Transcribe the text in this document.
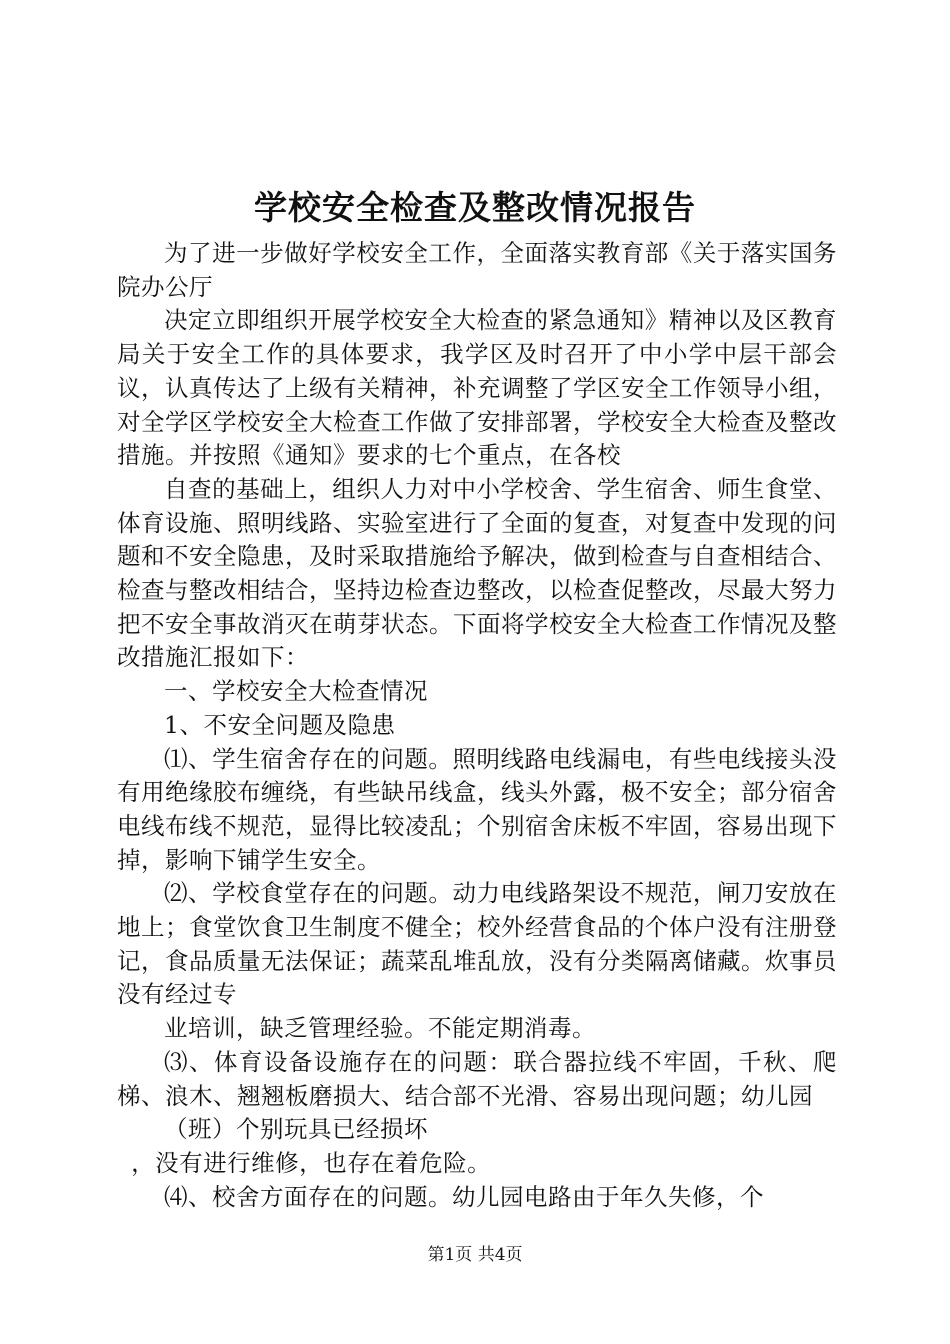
学校安全检查及整改情况报告

为了进一步做好学校安全工作，全面落实教育部《关于落实国务院办公厅

决定立即组织开展学校安全大检查的紧急通知》精神以及区教育局关于安全工作的具体要求，我学区及时召开了中小学中层干部会议，认真传达了上级有关精神，补充调整了学区安全工作领导小组，对全学区学校安全大检查工作做了安排部署，学校安全大检查及整改措施。并按照《通知》要求的七个重点，在各校

自查的基础上，组织人力对中小学校舍、学生宿舍、师生食堂、体育设施、照明线路、实验室进行了全面的复查，对复查中发现的问题和不安全隐患，及时采取措施给予解决，做到检查与自查相结合、检查与整改相结合，坚持边检查边整改，以检查促整改，尽最大努力把不安全事故消灭在萌芽状态。下面将学校安全大检查工作情况及整改措施汇报如下：

一、学校安全大检查情况

1、不安全问题及隐患

⑴、学生宿舍存在的问题。照明线路电线漏电，有些电线接头没有用绝缘胶布缠绕，有些缺吊线盒，线头外露，极不安全；部分宿舍电线布线不规范，显得比较凌乱；个别宿舍床板不牢固，容易出现下掉，影响下铺学生安全。

⑵、学校食堂存在的问题。动力电线路架设不规范，闸刀安放在地上；食堂饮食卫生制度不健全；校外经营食品的个体户没有注册登记，食品质量无法保证；蔬菜乱堆乱放，没有分类隔离储藏。炊事员没有经过专

业培训，缺乏管理经验。不能定期消毒。

⑶、体育设备设施存在的问题：联合器拉线不牢固，千秋、爬梯、浪木、翘翘板磨损大、结合部不光滑、容易出现问题；幼儿园

（班）个别玩具已经损坏

，没有进行维修，也存在着危险。

⑷、校舍方面存在的问题。幼儿园电路由于年久失修，个

第1页 共4页
